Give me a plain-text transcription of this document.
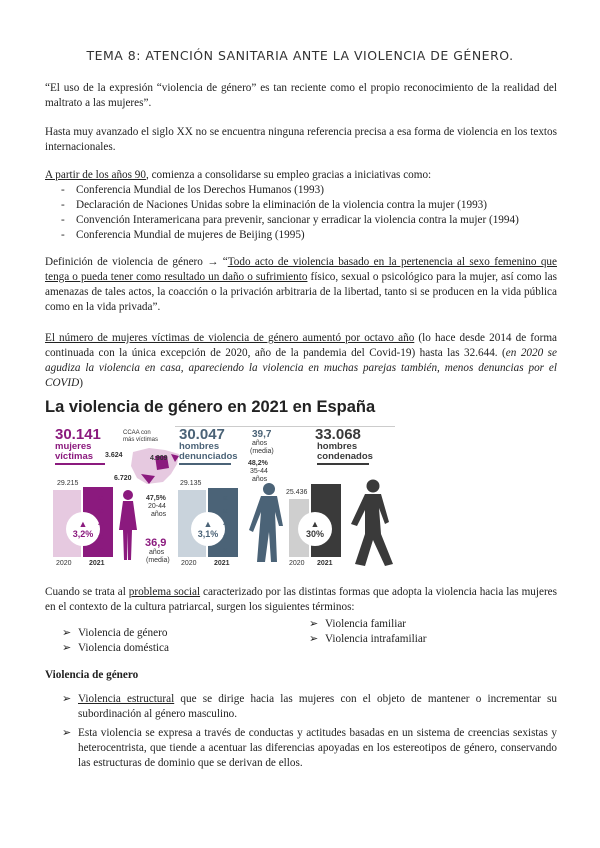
TEMA 8: ATENCIÓN SANITARIA ANTE LA VIOLENCIA DE GÉNERO.
“El uso de la expresión “violencia de género” es tan reciente como el propio reconocimiento de la realidad del maltrato a las mujeres”.
Hasta muy avanzado el siglo XX no se encuentra ninguna referencia precisa a esa forma de violencia en los textos internacionales.
A partir de los años 90, comienza a consolidarse su empleo gracias a iniciativas como:
- Conferencia Mundial de los Derechos Humanos (1993)
- Declaración de Naciones Unidas sobre la eliminación de la violencia contra la mujer (1993)
- Convención Interamericana para prevenir, sancionar y erradicar la violencia contra la mujer (1994)
- Conferencia Mundial de mujeres de Beijing (1995)
Definición de violencia de género → “Todo acto de violencia basado en la pertenencia al sexo femenino que tenga o pueda tener como resultado un daño o sufrimiento físico, sexual o psicológico para la mujer, así como las amenazas de tales actos, la coacción o la privación arbitraria de la libertad, tanto si se producen en la vida pública como en la vida privada”.
El número de mujeres víctimas de violencia de género aumentó por octavo año (lo hace desde 2014 de forma continuada con la única excepción de 2020, año de la pandemia del Covid-19) hasta las 32.644. (en 2020 se agudiza la violencia en casa, apareciendo la violencia en muchas parejas también, menos denuncias por el COVID)
La violencia de género en 2021 en España
30.141
mujeres
víctimas
29.215
▲
3,2%
2020 2021
CCAA con más víctimas
3.624	4.909
6.720
60
50
40
30
20
47,5%
20-44
años
36,9
años
(media)
30.047
hombres
denunciados
29.135
▲
3,1%
2020 2021
39,7
años
(media)
48,2%
35-44
años
60
50
40
30
20
33.068
hombres
condenados
25.436
▲
30%
2020 2021
Cuando se trata al problema social caracterizado por las distintas formas que adopta la violencia hacia las mujeres en el contexto de la cultura patriarcal, surgen los siguientes términos:
➢ Violencia de género
➢ Violencia doméstica
➢ Violencia familiar
➢ Violencia intrafamiliar
Violencia de género
➢ Violencia estructural que se dirige hacia las mujeres con el objeto de mantener o incrementar su subordinación al género masculino.
➢ Esta violencia se expresa a través de conductas y actitudes basadas en un sistema de creencias sexistas y heterocentrista, que tiende a acentuar las diferencias apoyadas en los estereotipos de género, conservando las estructuras de dominio que se derivan de ellos.
